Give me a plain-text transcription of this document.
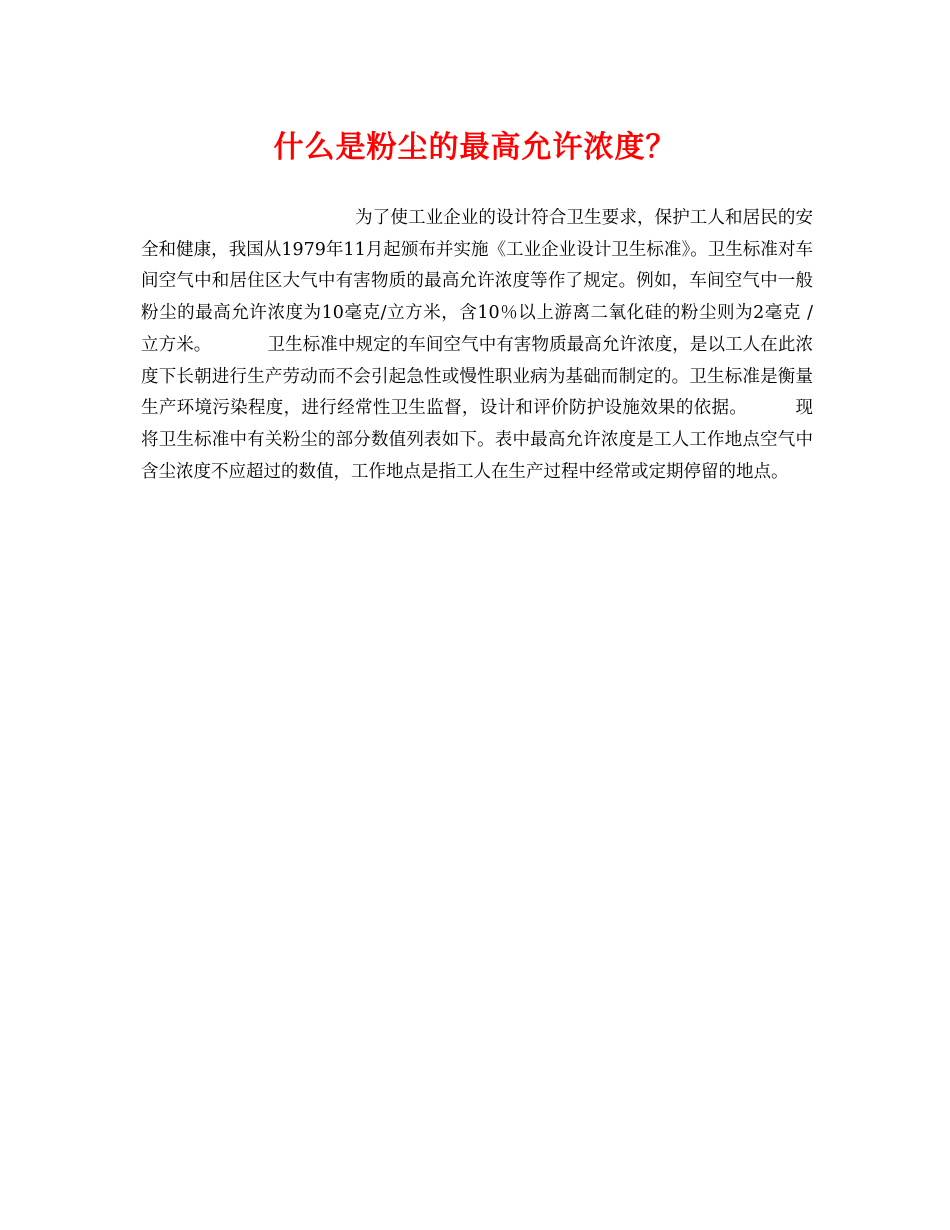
什么是粉尘的最高允许浓度？

为了使工业企业的设计符合卫生要求，保护工人和居民的安全和健康，我国从1979年11月起颁布并实施《工业企业设计卫生标准》。卫生标准对车间空气中和居住区大气中有害物质的最高允许浓度等作了规定。例如，车间空气中一般粉尘的最高允许浓度为10毫克/立方米，含10％以上游离二氧化硅的粉尘则为2毫克 / 立方米。	卫生标准中规定的车间空气中有害物质最高允许浓度，是以工人在此浓度下长朝进行生产劳动而不会引起急性或慢性职业病为基础而制定的。卫生标准是衡量生产环境污染程度，进行经常性卫生监督，设计和评价防护设施效果的依据。	现将卫生标准中有关粉尘的部分数值列表如下。表中最高允许浓度是工人工作地点空气中含尘浓度不应超过的数值，工作地点是指工人在生产过程中经常或定期停留的地点。
